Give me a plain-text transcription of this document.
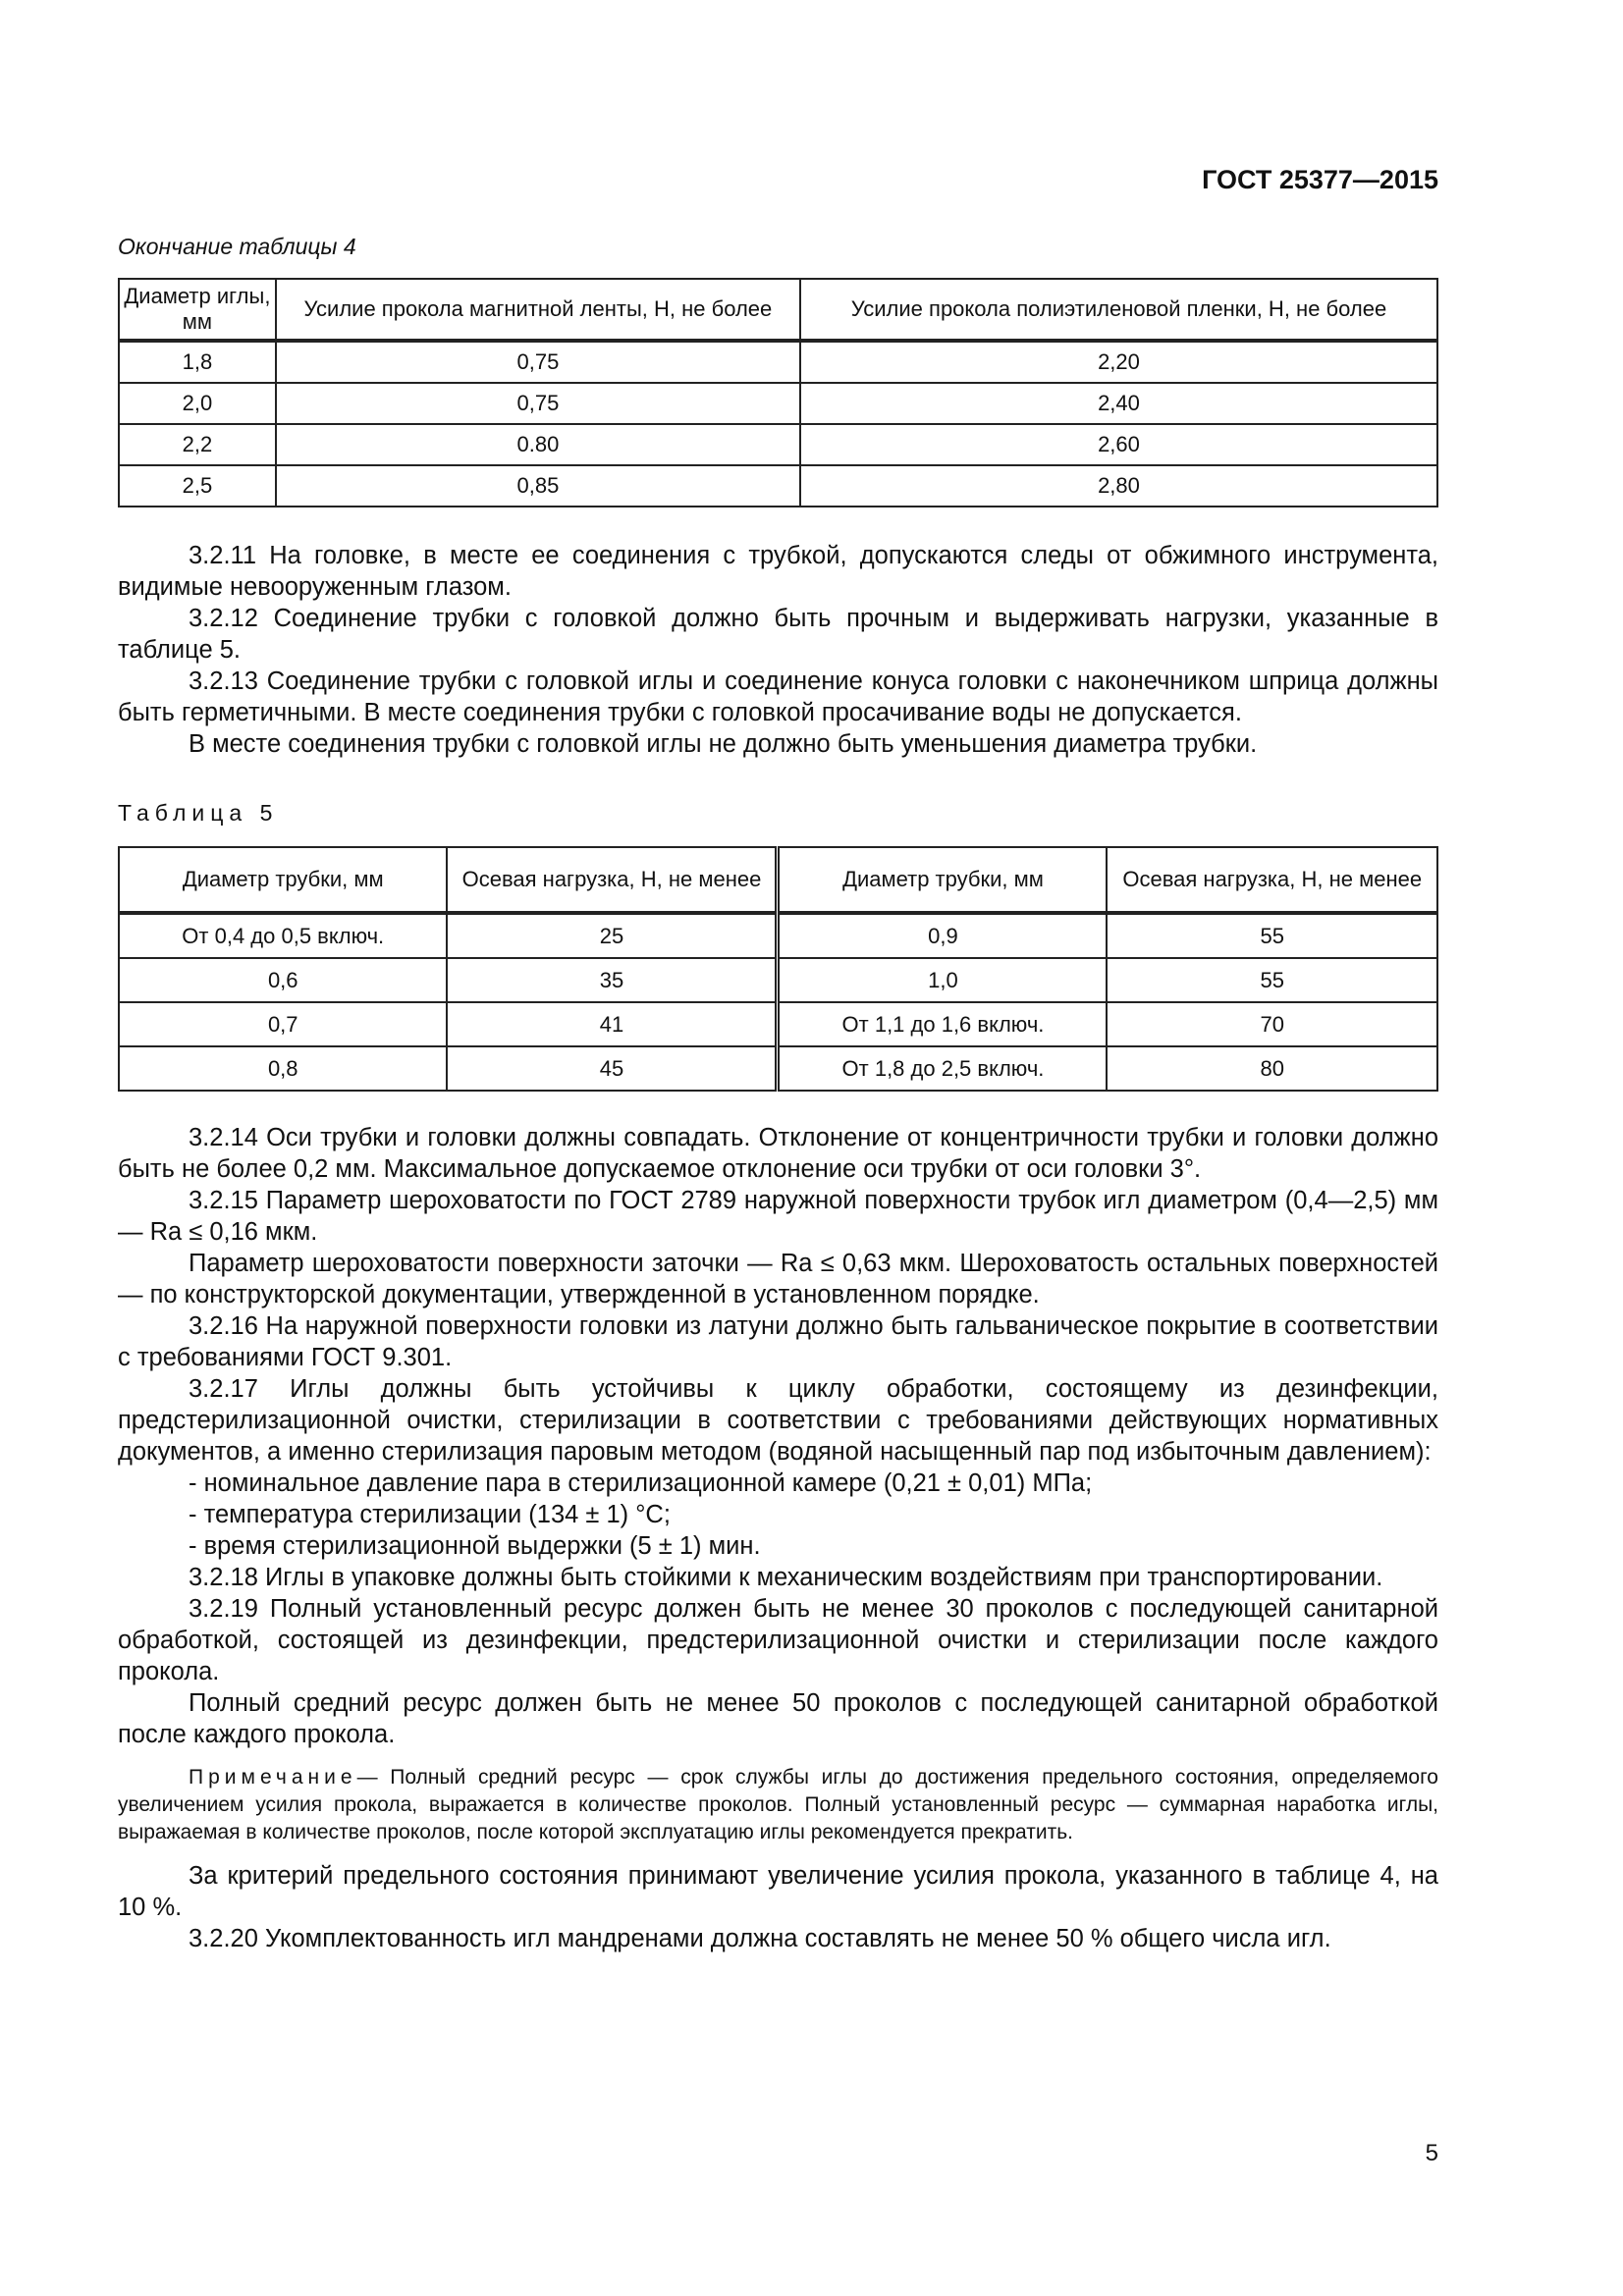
ГОСТ 25377—2015
Окончание таблицы 4
Диаметр иглы, мм	Усилие прокола магнитной ленты, Н, не более	Усилие прокола полиэтиленовой пленки, Н, не более
1,8	0,75	2,20
2,0	0,75	2,40
2,2	0.80	2,60
2,5	0,85	2,80

3.2.11 На головке, в месте ее соединения с трубкой, допускаются следы от обжимного инструмента, видимые невооруженным глазом.

3.2.12 Соединение трубки с головкой должно быть прочным и выдерживать нагрузки, указанные в таблице 5.

3.2.13 Соединение трубки с головкой иглы и соединение конуса головки с наконечником шприца должны быть герметичными. В месте соединения трубки с головкой просачивание воды не допускается.

В месте соединения трубки с головкой иглы не должно быть уменьшения диаметра трубки.

Таблица 5
Диаметр трубки, мм	Осевая нагрузка, Н, не менее	Диаметр трубки, мм	Осевая нагрузка, Н, не менее
От 0,4 до 0,5 включ.	25	0,9	55
0,6	35	1,0	55
0,7	41	От 1,1 до 1,6 включ.	70
0,8	45	От 1,8 до 2,5 включ.	80

3.2.14 Оси трубки и головки должны совпадать. Отклонение от концентричности трубки и головки должно быть не более 0,2 мм. Максимальное допускаемое отклонение оси трубки от оси головки 3°.

3.2.15 Параметр шероховатости по ГОСТ 2789 наружной поверхности трубок игл диаметром (0,4—2,5) мм — Ra ≤ 0,16 мкм.

Параметр шероховатости поверхности заточки — Ra ≤ 0,63 мкм. Шероховатость остальных поверхностей — по конструкторской документации, утвержденной в установленном порядке.

3.2.16 На наружной поверхности головки из латуни должно быть гальваническое покрытие в соответствии с требованиями ГОСТ 9.301.

3.2.17 Иглы должны быть устойчивы к циклу обработки, состоящему из дезинфекции, предстерилизационной очистки, стерилизации в соответствии с требованиями действующих нормативных документов, а именно стерилизация паровым методом (водяной насыщенный пар под избыточным давлением):

- номинальное давление пара в стерилизационной камере (0,21 ± 0,01) МПа;

- температура стерилизации (134 ± 1) °С;

- время стерилизационной выдержки (5 ± 1) мин.

3.2.18 Иглы в упаковке должны быть стойкими к механическим воздействиям при транспортировании.

3.2.19 Полный установленный ресурс должен быть не менее 30 проколов с последующей санитарной обработкой, состоящей из дезинфекции, предстерилизационной очистки и стерилизации после каждого прокола.

Полный средний ресурс должен быть не менее 50 проколов с последующей санитарной обработкой после каждого прокола.

Примечание— Полный средний ресурс — срок службы иглы до достижения предельного состояния, определяемого увеличением усилия прокола, выражается в количестве проколов. Полный установленный ресурс — суммарная наработка иглы, выражаемая в количестве проколов, после которой эксплуатацию иглы рекомендуется прекратить.

За критерий предельного состояния принимают увеличение усилия прокола, указанного в таблице 4, на 10 %.

3.2.20 Укомплектованность игл мандренами должна составлять не менее 50 % общего числа игл.

5
